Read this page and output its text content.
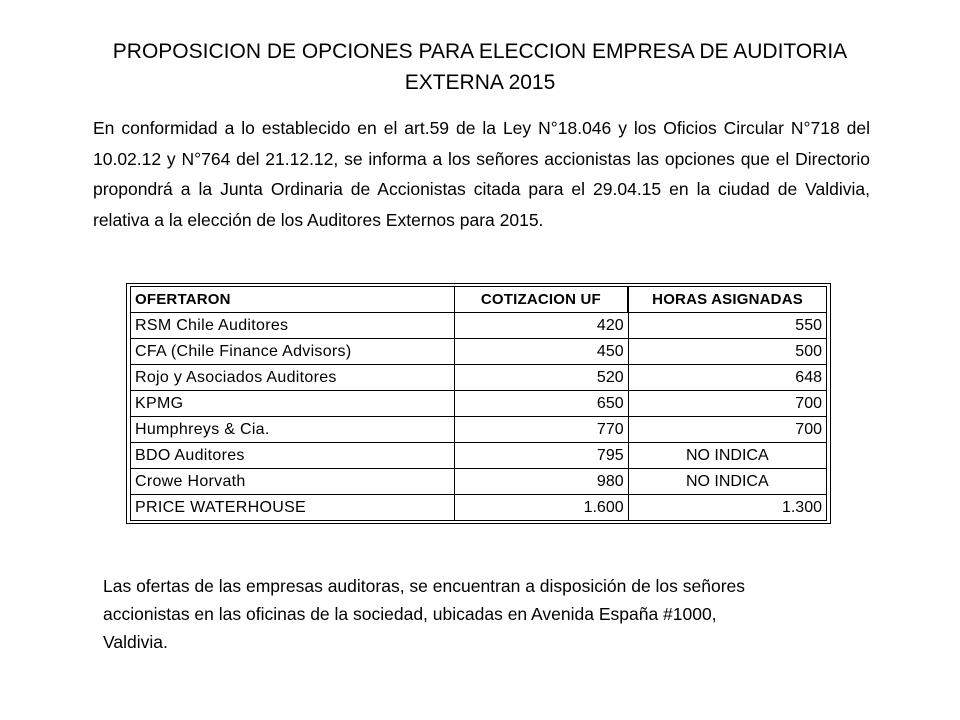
PROPOSICION DE OPCIONES PARA ELECCION EMPRESA DE AUDITORIA
EXTERNA 2015

En conformidad a lo establecido en el art.59 de la Ley N°18.046 y los Oficios Circular N°718 del 10.02.12 y N°764 del 21.12.12, se informa a los señores accionistas las opciones que el Directorio propondrá a la Junta Ordinaria de Accionistas citada para el 29.04.15 en la ciudad de Valdivia, relativa a la elección de los Auditores Externos para 2015.

OFERTARON	COTIZACION UF	HORAS ASIGNADAS
RSM Chile Auditores	420	550
CFA (Chile Finance Advisors)	450	500
Rojo y Asociados Auditores	520	648
KPMG	650	700
Humphreys & Cia.	770	700
BDO Auditores	795	NO INDICA
Crowe Horvath	980	NO INDICA
PRICE WATERHOUSE	1.600	1.300
Las ofertas de las empresas auditoras, se encuentran a disposición de los señores
accionistas en las oficinas de la sociedad, ubicadas en Avenida España #1000,
Valdivia.
